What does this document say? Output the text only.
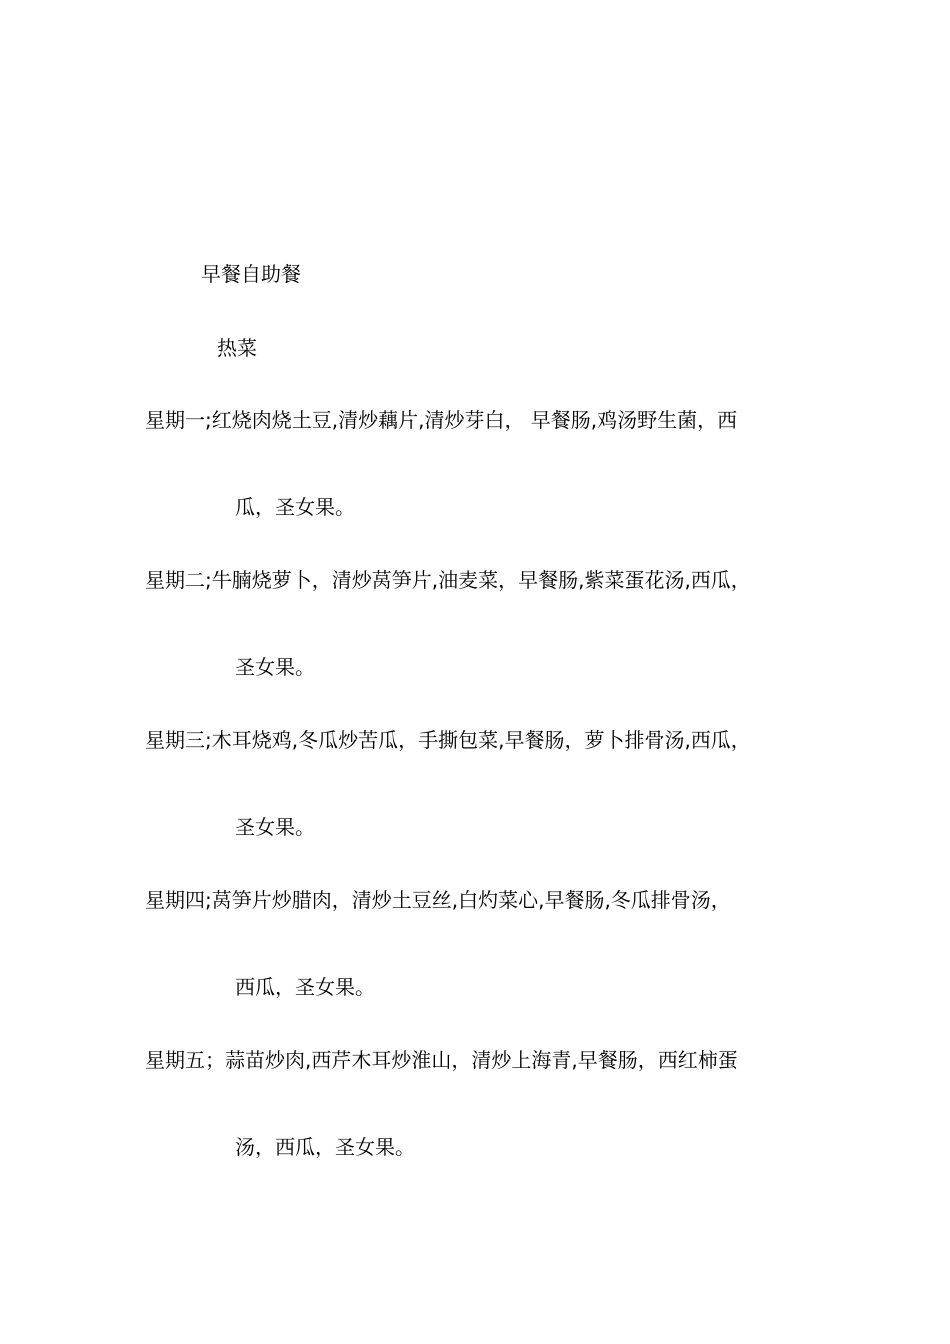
早餐自助餐
热菜
星期一;红烧肉烧土豆,清炒藕片,清炒芽白， 早餐肠,鸡汤野生菌，西
瓜，圣女果。
星期二;牛腩烧萝卜，清炒莴笋片,油麦菜，早餐肠,紫菜蛋花汤,西瓜，
圣女果。
星期三;木耳烧鸡,冬瓜炒苦瓜，手撕包菜,早餐肠，萝卜排骨汤,西瓜，
圣女果。
星期四;莴笋片炒腊肉，清炒土豆丝,白灼菜心,早餐肠,冬瓜排骨汤，
西瓜，圣女果。
星期五；蒜苗炒肉,西芹木耳炒淮山，清炒上海青,早餐肠，西红柿蛋
汤，西瓜，圣女果。
